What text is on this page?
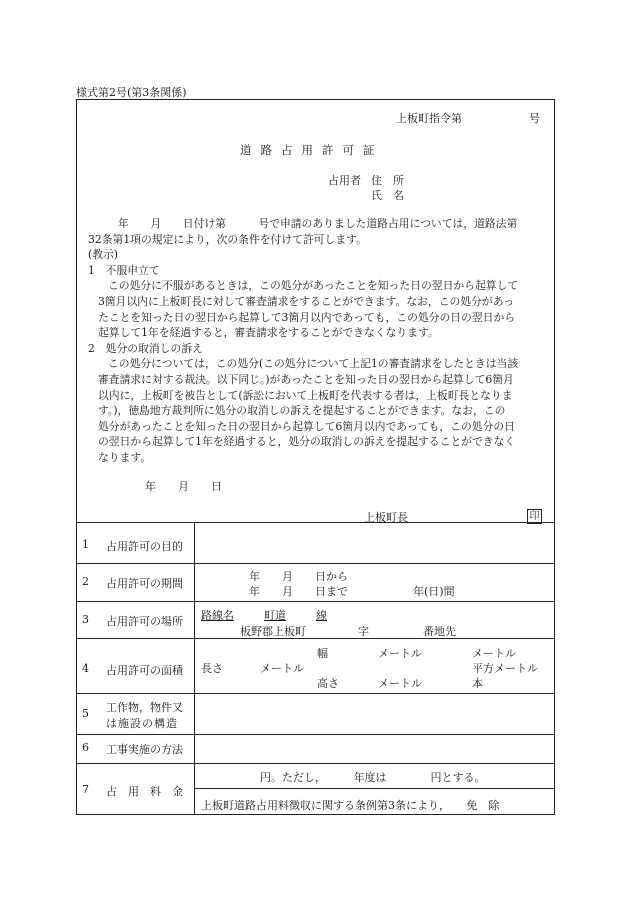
様式第2号(第3条関係)
上板町指令第	号
道路占用許可証
占用者 住　所
氏　名

年　　月　　日付け第　　　号で申請のありました道路占用については，道路法第

32条第1項の規定により，次の条件を付けて許可します。

(教示)

1　不服申立て

この処分に不服があるときは，この処分があったことを知った日の翌日から起算して

3箇月以内に上板町長に対して審査請求をすることができます。なお，この処分があっ

たことを知った日の翌日から起算して3箇月以内であっても，この処分の日の翌日から

起算して1年を経過すると，審査請求をすることができなくなります。

2　処分の取消しの訴え

この処分については，この処分(この処分について上記1の審査請求をしたときは当該

審査請求に対する裁決。以下同じ。)があったことを知った日の翌日から起算して6箇月

以内に，上板町を被告として(訴訟において上板町を代表する者は，上板町長となりま

す。)，徳島地方裁判所に処分の取消しの訴えを提起することができます。なお，この

処分があったことを知った日の翌日から起算して6箇月以内であっても，この処分の日

の翌日から起算して1年を経過すると，処分の取消しの訴えを提起することができなく

なります。

年　　月　　日
上板町長	印
1 占用許可の目的
2 占用許可の期間
年　　月　　日から
年　　月　　日まで	年(日)間
3 占用許可の場所 路線名	町道	線
板野郡上板町	字	番地先
4 占用許可の面積
幅	メートル	メートル
長さ	メートル	平方メートル
高さ	メートル	本
5 工作物，物件又
は施設の構造
6 工事実施の方法
7 占　用　料　金
円。ただし，　　　年度は　　　　円とする。
上板町道路占用料徴収に関する条例第3条により，　　免　除
